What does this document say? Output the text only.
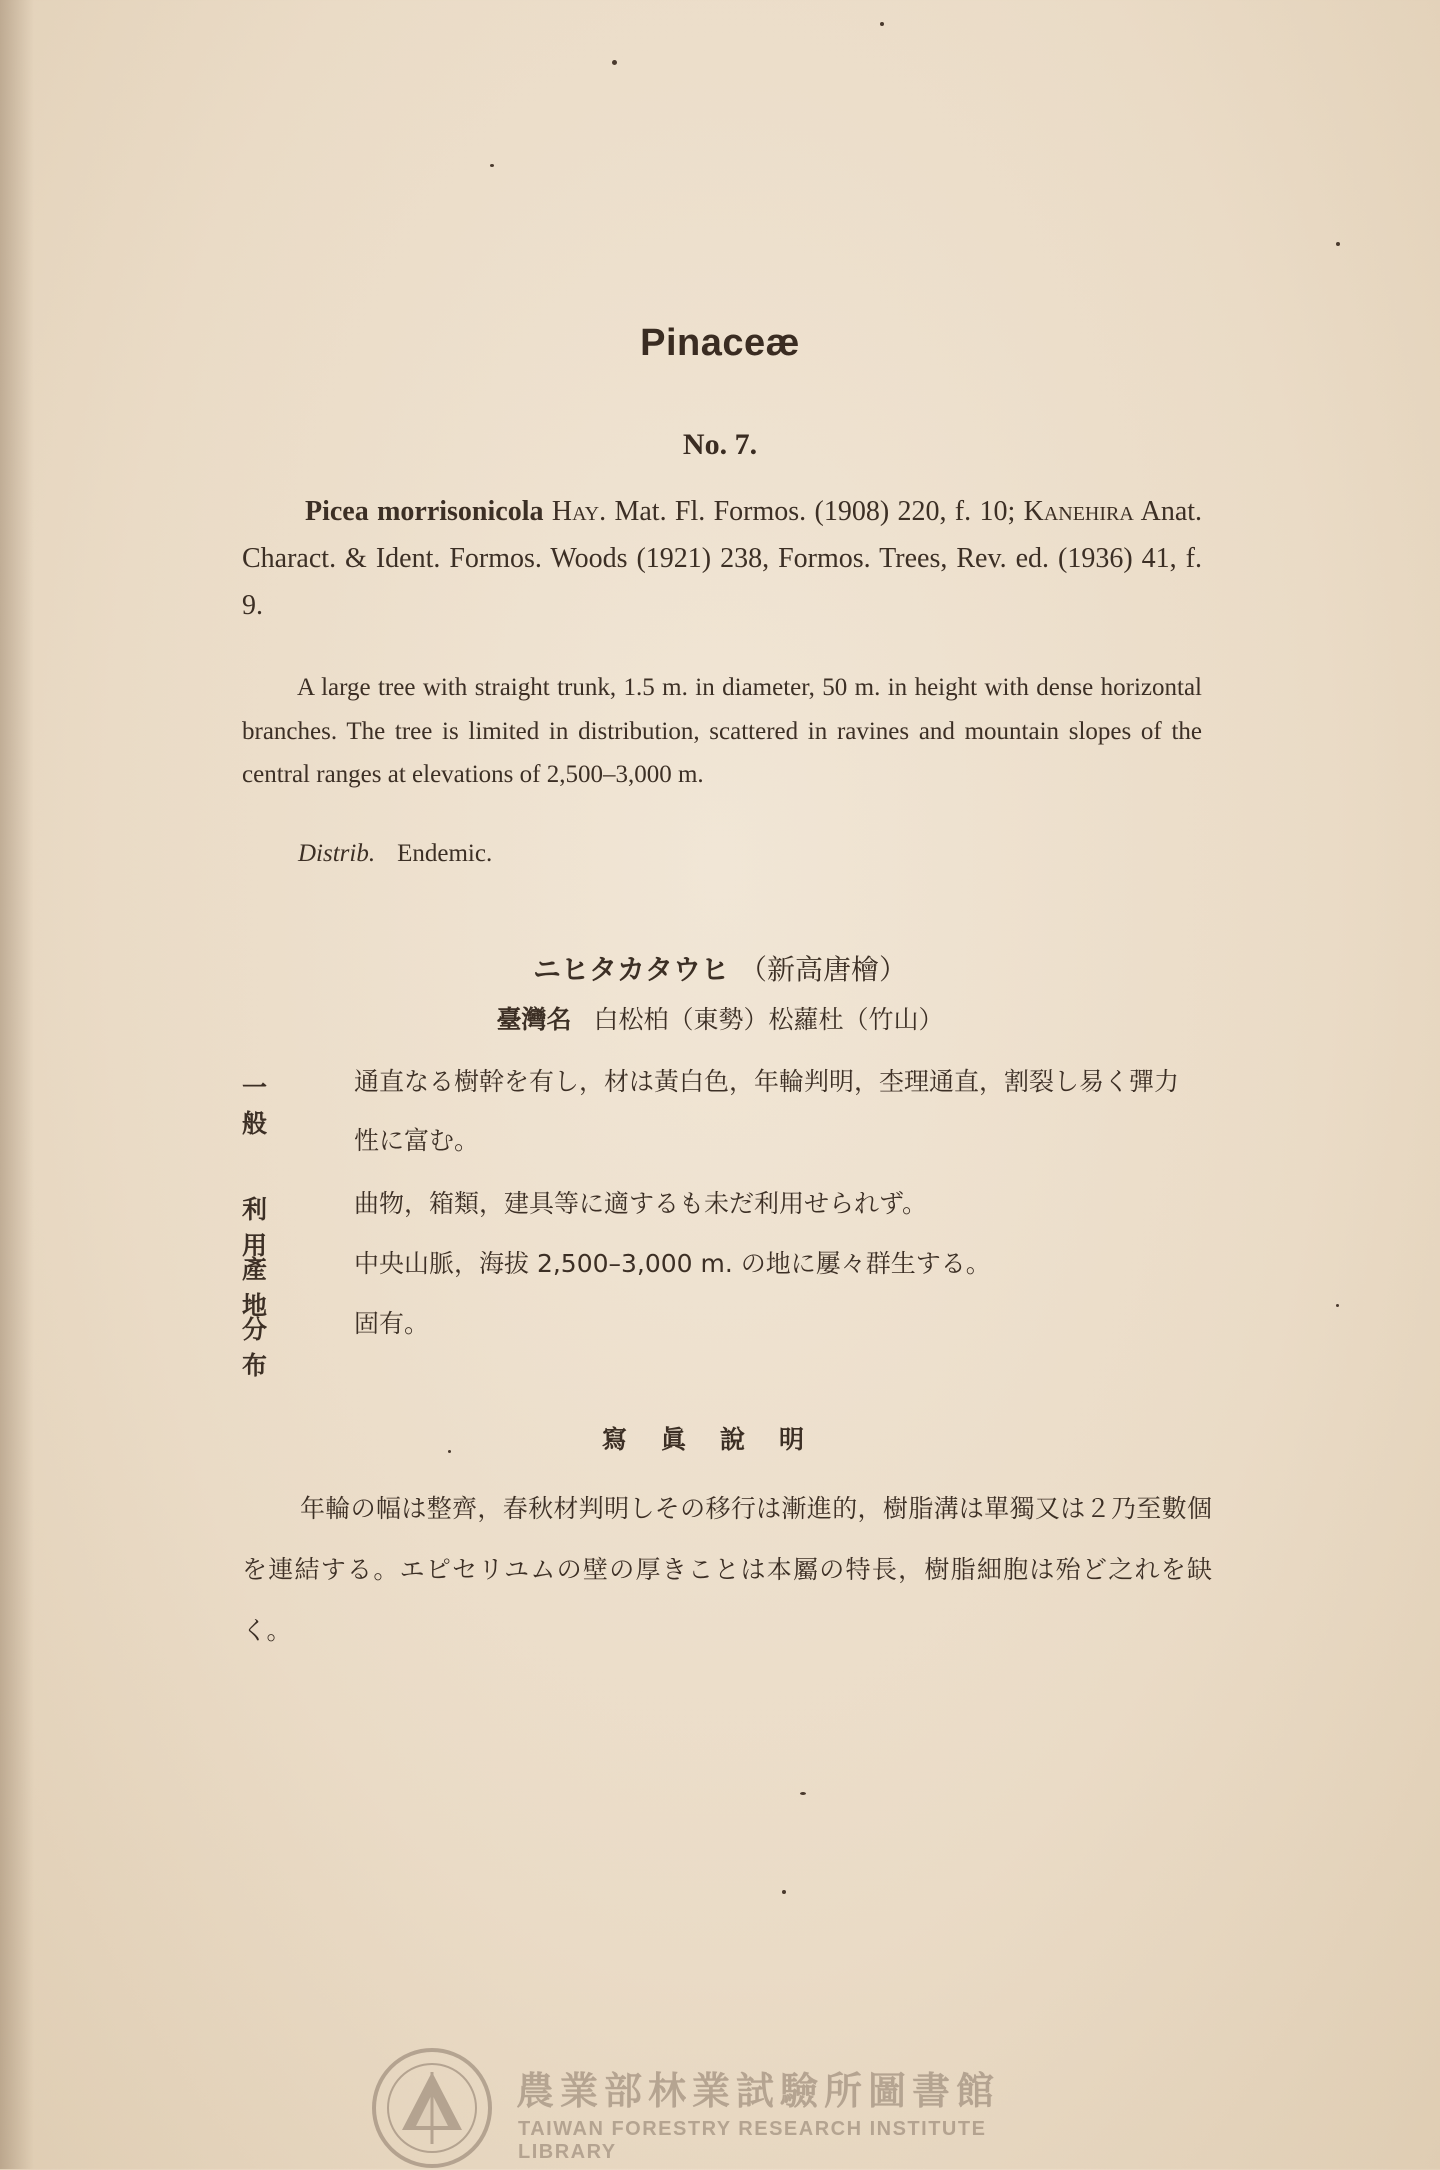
Pinaceæ
No. 7.
Picea morrisonicola Hay. Mat. Fl. Formos. (1908) 220, f. 10; Kanehira Anat. Charact. & Ident. Formos. Woods (1921) 238, Formos. Trees, Rev. ed. (1936) 41, f. 9.
A large tree with straight trunk, 1.5 m. in diameter, 50 m. in height with dense horizontal branches. The tree is limited in distribution, scattered in ravines and mountain slopes of the central ranges at elevations of 2,500–3,000 m.
Distrib. Endemic.
ニヒタカタウヒ （新高唐檜）
臺灣名 白松柏（東勢）松蘿杜（竹山）
一般
通直なる樹幹を有し，材は黃白色，年輪判明，杢理通直，割裂し易く彈力性に富む。
利用
曲物，箱類，建具等に適するも未だ利用せられず。
產地
中央山脈，海拔 2,500–3,000 m. の地に屢々群生する。
分布
固有。
寫眞說明
年輪の幅は整齊，春秋材判明しその移行は漸進的，樹脂溝は單獨又は２乃至數個を連結する。エピセリユムの壁の厚きことは本屬の特長，樹脂細胞は殆ど之れを缺く。
農業部林業試驗所圖書館
TAIWAN FORESTRY RESEARCH INSTITUTE LIBRARY
